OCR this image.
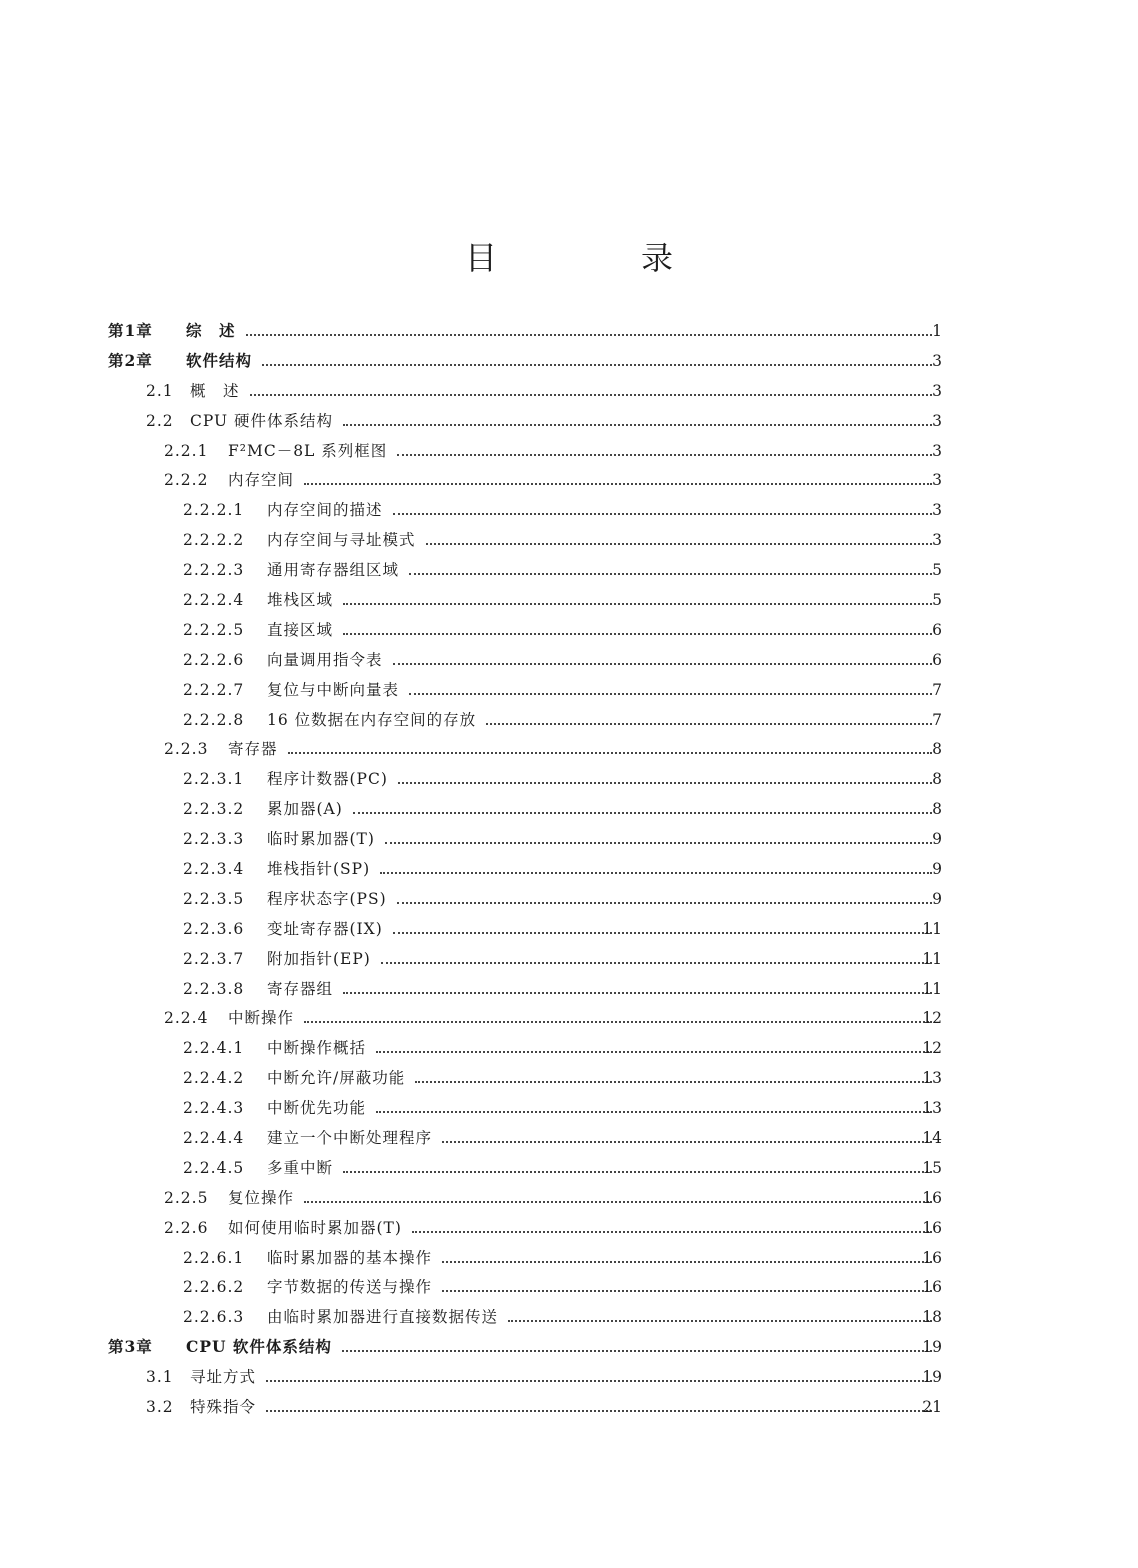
目　录
第1章	综　述	1
第2章	软件结构	3
2.1	概　述	3
2.2	CPU 硬件体系结构	3
2.2.1	F²MC－8L 系列框图	3
2.2.2	内存空间	3
2.2.2.1	内存空间的描述	3
2.2.2.2	内存空间与寻址模式	3
2.2.2.3	通用寄存器组区域	5
2.2.2.4	堆栈区域	5
2.2.2.5	直接区域	6
2.2.2.6	向量调用指令表	6
2.2.2.7	复位与中断向量表	7
2.2.2.8	16 位数据在内存空间的存放	7
2.2.3	寄存器	8
2.2.3.1	程序计数器(PC)	8
2.2.3.2	累加器(A)	8
2.2.3.3	临时累加器(T)	9
2.2.3.4	堆栈指针(SP)	9
2.2.3.5	程序状态字(PS)	9
2.2.3.6	变址寄存器(IX)	11
2.2.3.7	附加指针(EP)	11
2.2.3.8	寄存器组	11
2.2.4	中断操作	12
2.2.4.1	中断操作概括	12
2.2.4.2	中断允许/屏蔽功能	13
2.2.4.3	中断优先功能	13
2.2.4.4	建立一个中断处理程序	14
2.2.4.5	多重中断	15
2.2.5	复位操作	16
2.2.6	如何使用临时累加器(T)	16
2.2.6.1	临时累加器的基本操作	16
2.2.6.2	字节数据的传送与操作	16
2.2.6.3	由临时累加器进行直接数据传送	18
第3章	CPU 软件体系结构	19
3.1	寻址方式	19
3.2	特殊指令	21
